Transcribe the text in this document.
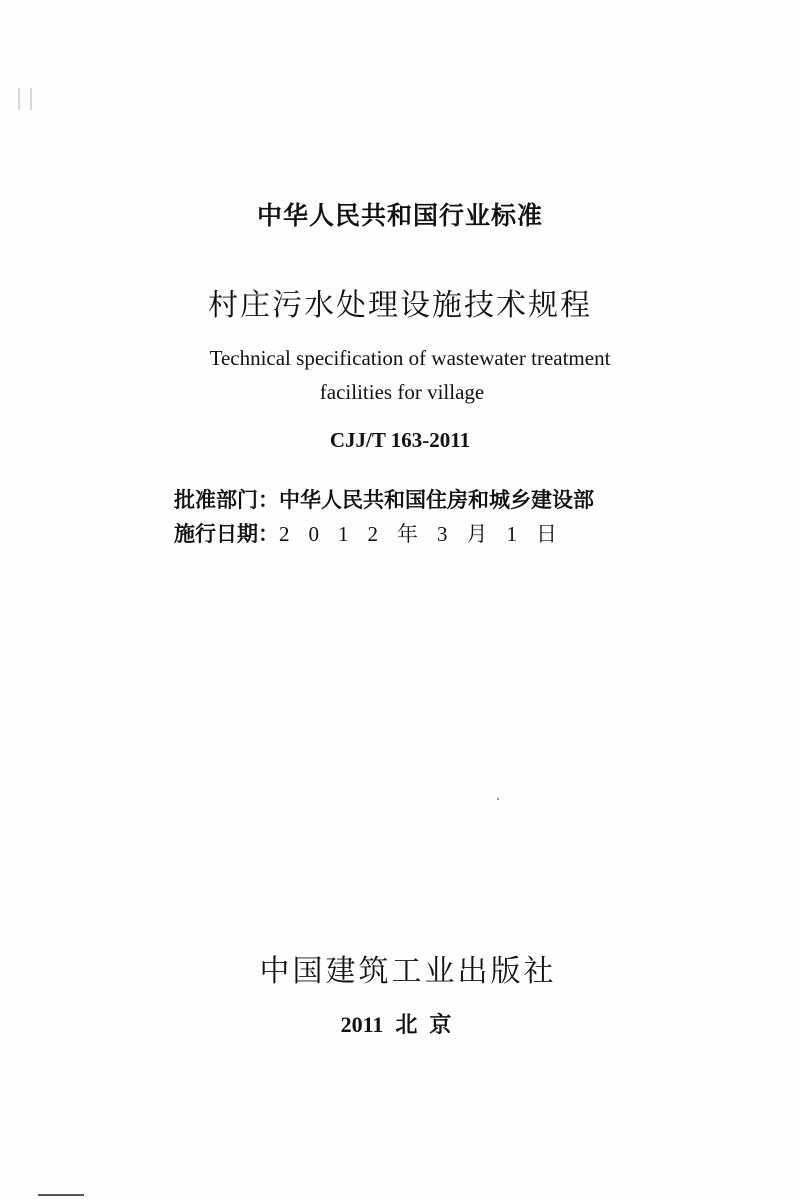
中华人民共和国行业标准
村庄污水处理设施技术规程
Technical specification of wastewater treatment
facilities for village
CJJ/T 163-2011
批准部门：中华人民共和国住房和城乡建设部
施行日期：2012年3月1日
中国建筑工业出版社
2011 北京
